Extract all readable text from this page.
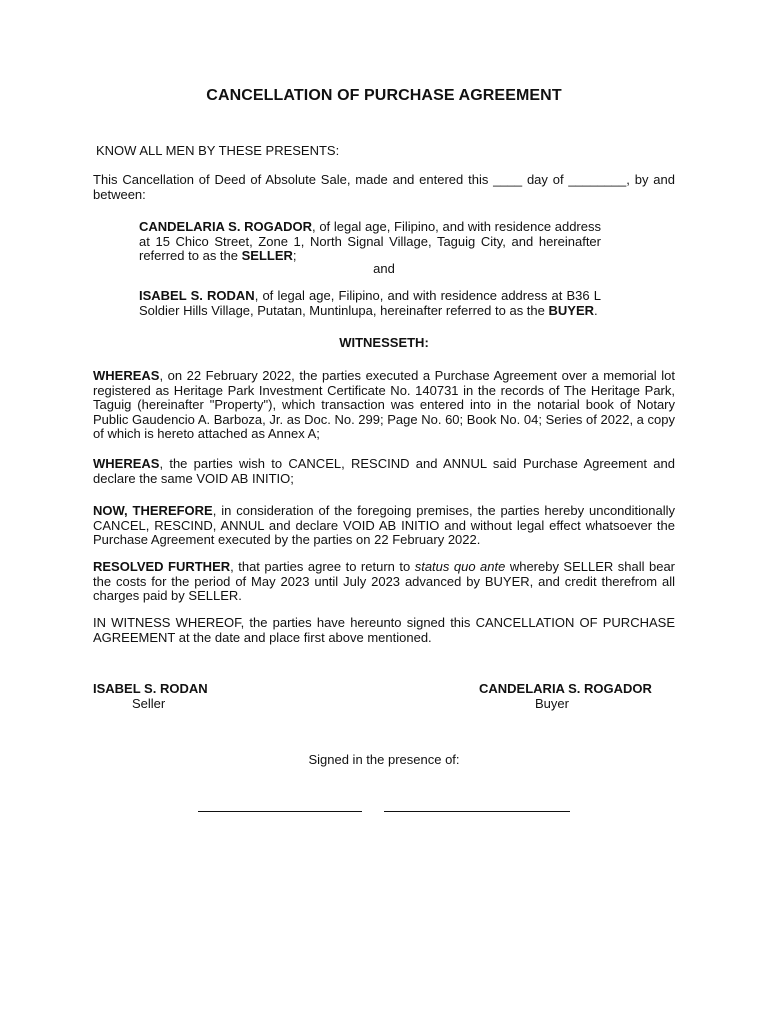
CANCELLATION OF PURCHASE AGREEMENT
KNOW ALL MEN BY THESE PRESENTS:
This Cancellation of Deed of Absolute Sale, made and entered this ____ day of ________, by and between:
CANDELARIA S. ROGADOR, of legal age, Filipino, and with residence address at 15 Chico Street, Zone 1, North Signal Village, Taguig City, and hereinafter referred to as the SELLER;
and
ISABEL S. RODAN, of legal age, Filipino, and with residence address at B36 L Soldier Hills Village, Putatan, Muntinlupa, hereinafter referred to as the BUYER.
WITNESSETH:
WHEREAS, on 22 February 2022, the parties executed a Purchase Agreement over a memorial lot registered as Heritage Park Investment Certificate No. 140731 in the records of The Heritage Park, Taguig (hereinafter "Property"), which transaction was entered into in the notarial book of Notary Public Gaudencio A. Barboza, Jr. as Doc. No. 299; Page No. 60; Book No. 04; Series of 2022, a copy of which is hereto attached as Annex A;
WHEREAS, the parties wish to CANCEL, RESCIND and ANNUL said Purchase Agreement and declare the same VOID AB INITIO;
NOW, THEREFORE, in consideration of the foregoing premises, the parties hereby unconditionally CANCEL, RESCIND, ANNUL and declare VOID AB INITIO and without legal effect whatsoever the Purchase Agreement executed by the parties on 22 February 2022.
RESOLVED FURTHER, that parties agree to return to status quo ante whereby SELLER shall bear the costs for the period of May 2023 until July 2023 advanced by BUYER, and credit therefrom all charges paid by SELLER.
IN WITNESS WHEREOF, the parties have hereunto signed this CANCELLATION OF PURCHASE AGREEMENT at the date and place first above mentioned.
ISABEL S. RODAN
Seller
CANDELARIA S. ROGADOR
Buyer
Signed in the presence of:
